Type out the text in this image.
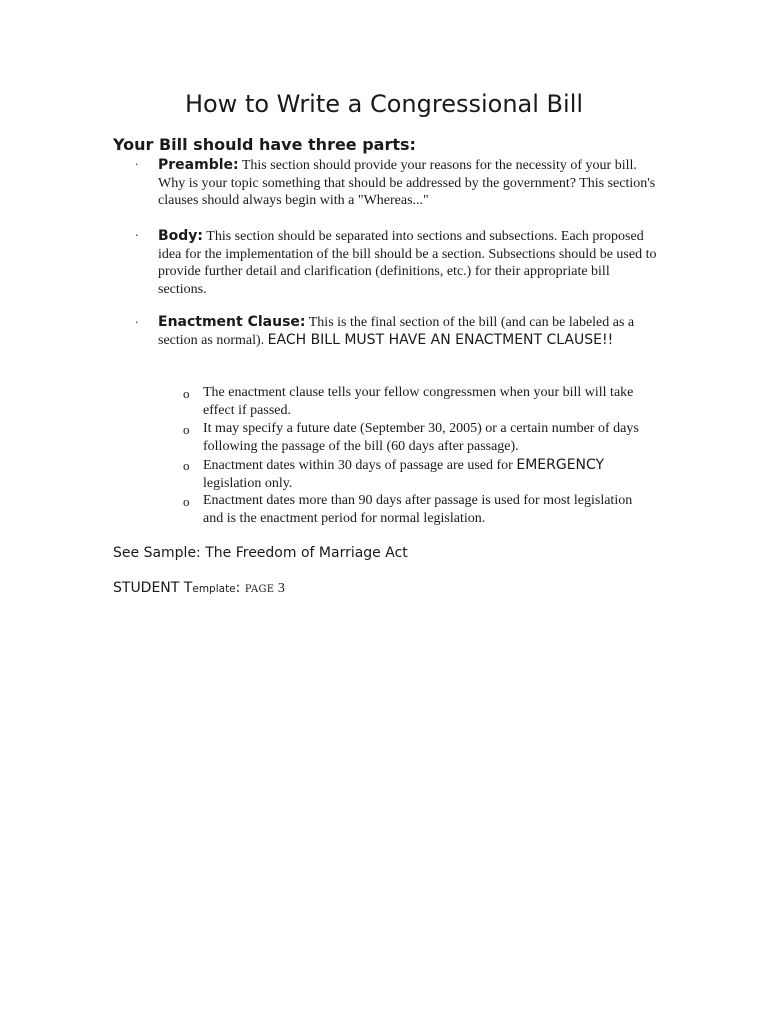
How to Write a Congressional Bill
Your Bill should have three parts:
· Preamble: This section should provide your reasons for the necessity of your bill. Why is your topic something that should be addressed by the government? This section's clauses should always begin with a "Whereas..."
· Body: This section should be separated into sections and subsections. Each proposed idea for the implementation of the bill should be a section. Subsections should be used to provide further detail and clarification (definitions, etc.) for their appropriate bill sections.
· Enactment Clause: This is the final section of the bill (and can be labeled as a section as normal). EACH BILL MUST HAVE AN ENACTMENT CLAUSE!!
o The enactment clause tells your fellow congressmen when your bill will take effect if passed.
o It may specify a future date (September 30, 2005) or a certain number of days following the passage of the bill (60 days after passage).
o Enactment dates within 30 days of passage are used for EMERGENCY legislation only.
o Enactment dates more than 90 days after passage is used for most legislation and is the enactment period for normal legislation.
See Sample: The Freedom of Marriage Act
STUDENT Template: PAGE 3
